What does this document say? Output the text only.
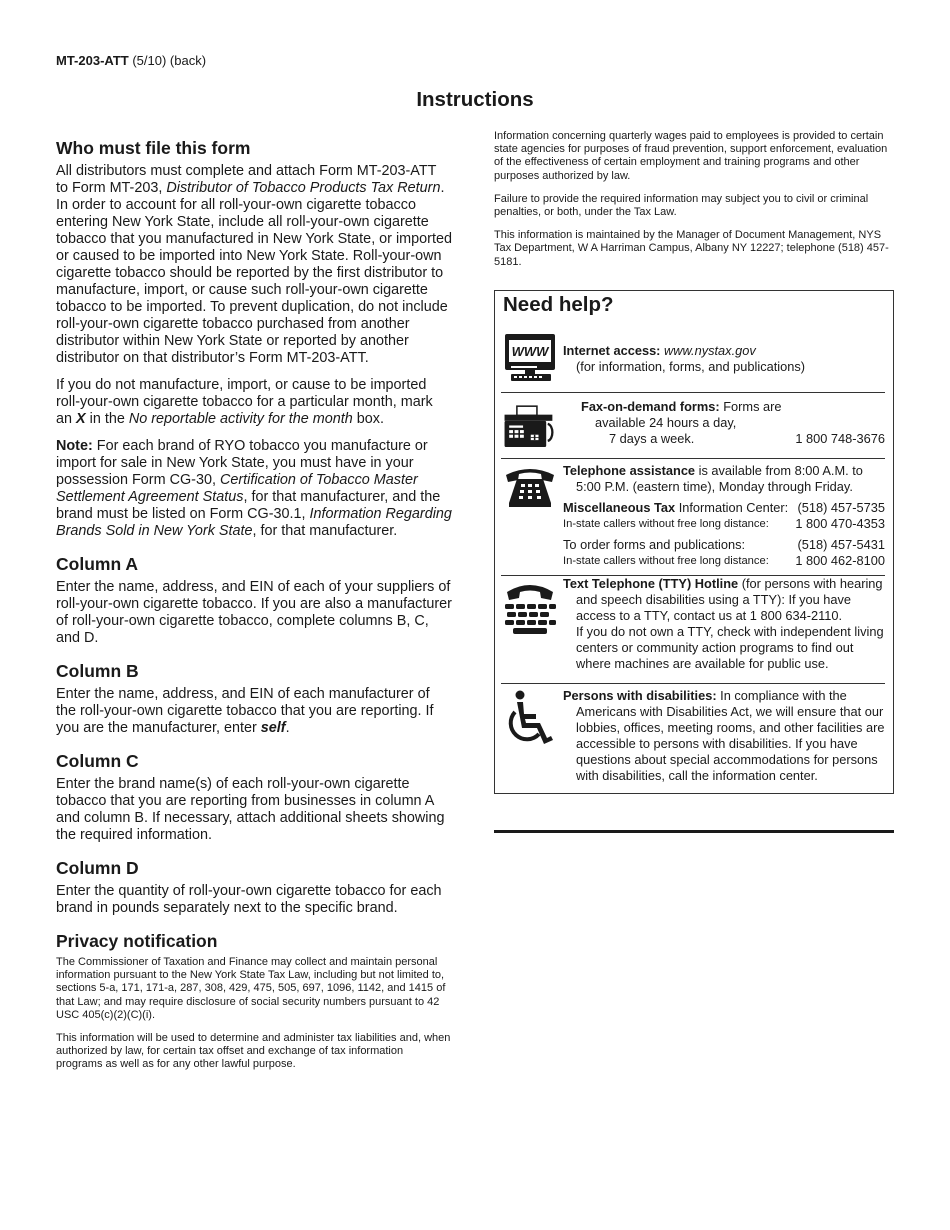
MT-203-ATT (5/10) (back)
Instructions
Who must file this form

All distributors must complete and attach Form MT-203-ATT to Form MT-203, Distributor of Tobacco Products Tax Return. In order to account for all roll-your-own cigarette tobacco entering New York State, include all roll-your-own cigarette tobacco that you manufactured in New York State, or imported or caused to be imported into New York State. Roll-your-own cigarette tobacco should be reported by the first distributor to manufacture, import, or cause such roll-your-own cigarette tobacco to be imported. To prevent duplication, do not include roll-your-own cigarette tobacco purchased from another distributor within New York State or reported by another distributor on that distributor’s Form MT-203-ATT.

If you do not manufacture, import, or cause to be imported roll-your-own cigarette tobacco for a particular month, mark an X in the No reportable activity for the month box.

Note: For each brand of RYO tobacco you manufacture or import for sale in New York State, you must have in your possession Form CG-30, Certification of Tobacco Master Settlement Agreement Status, for that manufacturer, and the brand must be listed on Form CG-30.1, Information Regarding Brands Sold in New York State, for that manufacturer.

Column A

Enter the name, address, and EIN of each of your suppliers of roll-your-own cigarette tobacco. If you are also a manufacturer of roll-your-own cigarette tobacco, complete columns B, C, and D.

Column B

Enter the name, address, and EIN of each manufacturer of the roll-your-own cigarette tobacco that you are reporting. If you are the manufacturer, enter self.

Column C

Enter the brand name(s) of each roll-your-own cigarette tobacco that you are reporting from businesses in column A and column B. If necessary, attach additional sheets showing the required information.

Column D

Enter the quantity of roll-your-own cigarette tobacco for each brand in pounds separately next to the specific brand.

Privacy notification

The Commissioner of Taxation and Finance may collect and maintain personal information pursuant to the New York State Tax Law, including but not limited to, sections 5-a, 171, 171-a, 287, 308, 429, 475, 505, 697, 1096, 1142, and 1415 of that Law; and may require disclosure of social security numbers pursuant to 42 USC 405(c)(2)(C)(i).

This information will be used to determine and administer tax liabilities and, when authorized by law, for certain tax offset and exchange of tax information programs as well as for any other lawful purpose.

Information concerning quarterly wages paid to employees is provided to certain state agencies for purposes of fraud prevention, support enforcement, evaluation of the effectiveness of certain employment and training programs and other purposes authorized by law.

Failure to provide the required information may subject you to civil or criminal penalties, or both, under the Tax Law.

This information is maintained by the Manager of Document Management, NYS Tax Department, W A Harriman Campus, Albany NY 12227; telephone (518) 457-5181.

Need help?
WWW Internet access: www.nystax.gov
(for information, forms, and publications)
Fax-on-demand forms: Forms are
available 24 hours a day,
7 days a week.	1 800 748-3676
Telephone assistance is available from 8:00 A.M. to
5:00 P.M. (eastern time), Monday through Friday.
Miscellaneous Tax Information Center: (518) 457-5735
In-state callers without free long distance: 1 800 470-4353
To order forms and publications:	(518) 457-5431
In-state callers without free long distance: 1 800 462-8100
Text Telephone (TTY) Hotline (for persons with hearing
and speech disabilities using a TTY): If you have access to a TTY, contact us at 1 800 634-2110.
If you do not own a TTY, check with independent living centers or community action programs to find out where machines are available for public use.
Persons with disabilities: In compliance with the
Americans with Disabilities Act, we will ensure that our lobbies, offices, meeting rooms, and other facilities are accessible to persons with disabilities. If you have questions about special accommodations for persons with disabilities, call the information center.
